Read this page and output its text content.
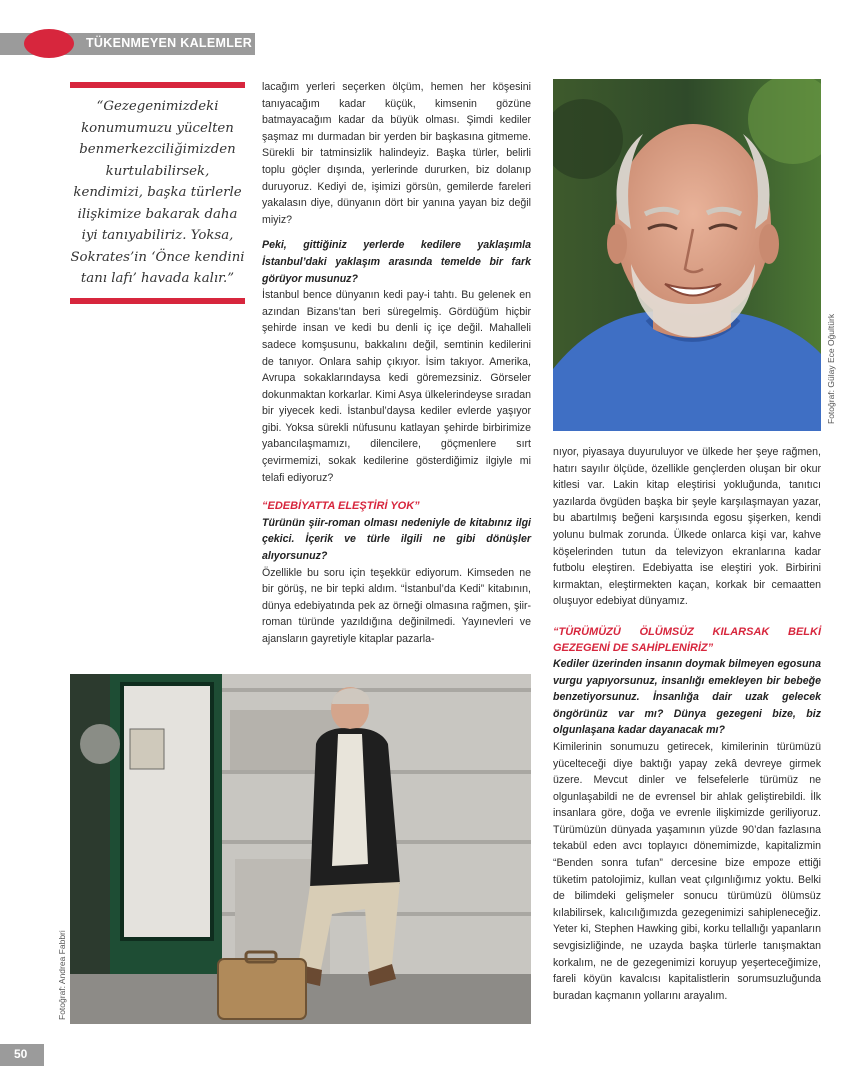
TÜKENMEYEN KALEMLER
“Gezegenimizdeki konumumuzu yücelten benmerkezciliğimizden kurtulabilirsek, kendimizi, başka türlerle ilişkimize bakarak daha iyi tanıyabiliriz. Yoksa, Sokrates’in ‘Önce kendini tanı lafı’ havada kalır.”

lacağım yerleri seçerken ölçüm, hemen her köşesini tanıyacağım kadar küçük, kimsenin gözüne batmayacağım kadar da büyük olması. Şimdi kediler şaşmaz mı durmadan bir yerden bir başkasına gitmeme. Sürekli bir tatminsizlik halindeyiz. Başka türler, belirli toplu göçler dışında, yerlerinde dururken, biz dolanıp duruyoruz. Kediyi de, işimizi görsün, gemilerde fareleri yakalasın diye, dünyanın dört bir yanına yayan biz değil miyiz?

Peki, gittiğiniz yerlerde kedilere yaklaşımla İstanbul’daki yaklaşım arasında temelde bir fark görüyor musunuz?

İstanbul bence dünyanın kedi pay-i tahtı. Bu gelenek en azından Bizans’tan beri süregelmiş. Gördüğüm hiçbir şehirde insan ve kedi bu denli iç içe değil. Mahalleli sadece komşusunu, bakkalını değil, semtinin kedilerini de tanıyor. Onlara sahip çıkıyor. İsim takıyor. Amerika, Avrupa sokaklarındaysa kedi göremezsiniz. Görseler dokunmaktan korkarlar. Kimi Asya ülkelerindeyse sıradan bir yiyecek kedi. İstanbul’daysa kediler evlerde yaşıyor gibi. Yoksa sürekli nüfusunu katlayan şehirde birbirimize yabancılaşmamızı, dilencilere, göçmenlere sırt çevirmemizi, sokak kedilerine gösterdiğimiz ilgiyle mi telafi ediyoruz?

“EDEBİYATTA ELEŞTİRİ YOK”

Türünün şiir-roman olması nedeniyle de kitabınız ilgi çekici. İçerik ve türle ilgili ne gibi dönüşler alıyorsunuz?

Özellikle bu soru için teşekkür ediyorum. Kimseden ne bir görüş, ne bir tepki aldım. “İstanbul’da Kedi” kitabının, dünya edebiyatında pek az örneği olmasına rağmen, şiir-roman türünde yazıldığına değinilmedi. Yayınevleri ve ajansların gayretiyle kitaplar pazarla-

Fotoğraf: Gülay Ece Oğultürk

nıyor, piyasaya duyuruluyor ve ülkede her şeye rağmen, hatırı sayılır ölçüde, özellikle gençlerden oluşan bir okur kitlesi var. Lakin kitap eleştirisi yokluğunda, tanıtıcı yazılarda övgüden başka bir şeyle karşılaşmayan yazar, bu abartılmış beğeni karşısında egosu şişerken, kendi yolunu bulmak zorunda. Ülkede onlarca kişi var, kahve köşelerinden tutun da televizyon ekranlarına kadar futbolu eleştiren. Edebiyatta ise eleştiri yok. Birbirini kırmaktan, eleştirmekten kaçan, korkak bir cemaatten oluşuyor edebiyat dünyamız.

“TÜRÜMÜZÜ ÖLÜMSÜZ KILARSAK BELKİ GEZEGENİ DE SAHİPLENİRİZ”

Kediler üzerinden insanın doymak bilmeyen egosuna vurgu yapıyorsunuz, insanlığı emekleyen bir bebeğe benzetiyorsunuz. İnsanlığa dair uzak gelecek öngörünüz var mı? Dünya gezegeni bize, biz olgunlaşana kadar dayanacak mı?

Kimilerinin sonumuzu getirecek, kimilerinin türümüzü yücelteceği diye baktığı yapay zekâ devreye girmek üzere. Mevcut dinler ve felsefelerle türümüz ne olgunlaşabildi ne de evrensel bir ahlak geliştirebildi. İlk insanlara göre, doğa ve evrenle ilişkimizde geriliyoruz. Türümüzün dünyada yaşamının yüzde 90’dan fazlasına tekabül eden avcı toplayıcı dönemimizde, kapitalizmin “Benden sonra tufan” dercesine bize empoze ettiği tüketim patolojimiz, kullan veat çılgınlığımız yoktu. Belki de bilimdeki gelişmeler sonucu türümüzü ölümsüz kılabilirsek, kalıcılığımızda gezegenimizi sahipleneceğiz. Yeter ki, Stephen Hawking gibi, korku tellallığı yapanların sevgisizliğinde, ne uzayda başka türlerle tanışmaktan korkalım, ne de gezegenimizi koruyup yeşerteceğimize, fareli köyün kavalcısı kapitalistlerin sorumsuzluğunda buradan kaçmanın yollarını arayalım.

Fotoğraf: Andrea Fabbri
50
